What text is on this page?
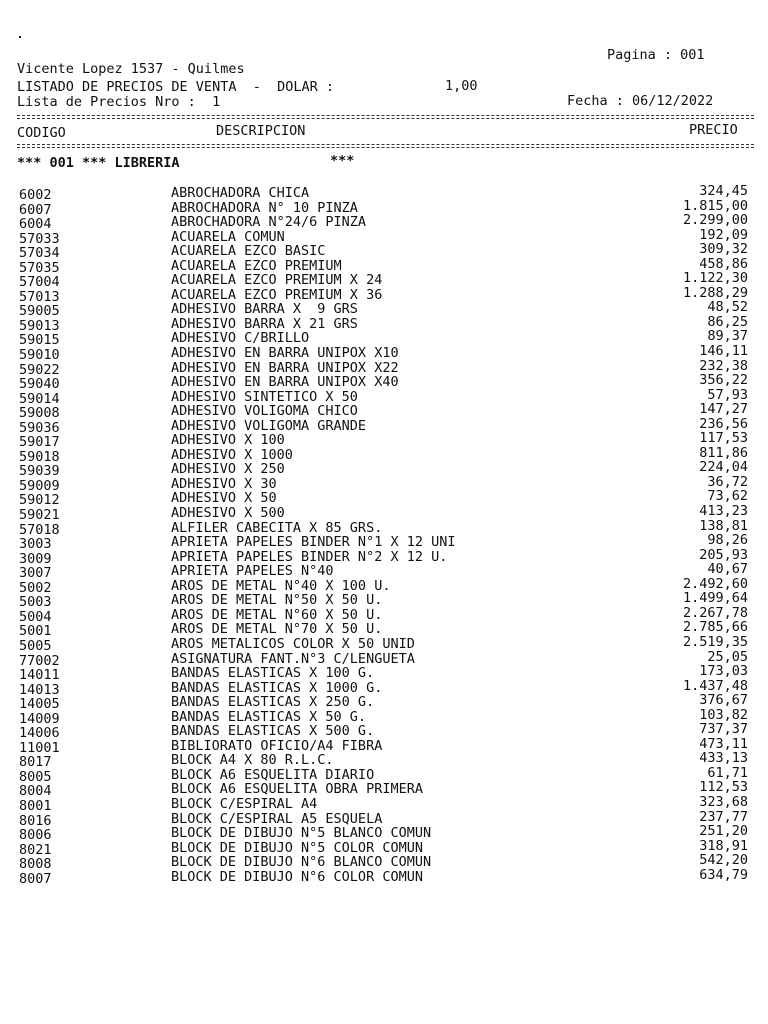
Pagina : 001
Vicente Lopez 1537 - Quilmes
LISTADO DE PRECIOS DE VENTA  -  DOLAR :	1,00
Lista de Precios Nro :  1	Fecha : 06/12/2022
CODIGO	DESCRIPCION	PRECIO
*** 001 *** LIBRERIA	***
6002	ABROCHADORA CHICA	324,45
6007	ABROCHADORA N° 10 PINZA	1.815,00
6004	ABROCHADORA N°24/6 PINZA	2.299,00
57033	ACUARELA COMUN	192,09
57034	ACUARELA EZCO BASIC	309,32
57035	ACUARELA EZCO PREMIUM	458,86
57004	ACUARELA EZCO PREMIUM X 24	1.122,30
57013	ACUARELA EZCO PREMIUM X 36	1.288,29
59005	ADHESIVO BARRA X  9 GRS	48,52
59013	ADHESIVO BARRA X 21 GRS	86,25
59015	ADHESIVO C/BRILLO	89,37
59010	ADHESIVO EN BARRA UNIPOX X10	146,11
59022	ADHESIVO EN BARRA UNIPOX X22	232,38
59040	ADHESIVO EN BARRA UNIPOX X40	356,22
59014	ADHESIVO SINTETICO X 50	57,93
59008	ADHESIVO VOLIGOMA CHICO	147,27
59036	ADHESIVO VOLIGOMA GRANDE	236,56
59017	ADHESIVO X 100	117,53
59018	ADHESIVO X 1000	811,86
59039	ADHESIVO X 250	224,04
59009	ADHESIVO X 30	36,72
59012	ADHESIVO X 50	73,62
59021	ADHESIVO X 500	413,23
57018	ALFILER CABECITA X 85 GRS.	138,81
3003	APRIETA PAPELES BINDER N°1 X 12 UNI	98,26
3009	APRIETA PAPELES BINDER N°2 X 12 U.	205,93
3007	APRIETA PAPELES N°40	40,67
5002	AROS DE METAL N°40 X 100 U.	2.492,60
5003	AROS DE METAL N°50 X 50 U.	1.499,64
5004	AROS DE METAL N°60 X 50 U.	2.267,78
5001	AROS DE METAL N°70 X 50 U.	2.785,66
5005	AROS METALICOS COLOR X 50 UNID	2.519,35
77002	ASIGNATURA FANT.N°3 C/LENGUETA	25,05
14011	BANDAS ELASTICAS X 100 G.	173,03
14013	BANDAS ELASTICAS X 1000 G.	1.437,48
14005	BANDAS ELASTICAS X 250 G.	376,67
14009	BANDAS ELASTICAS X 50 G.	103,82
14006	BANDAS ELASTICAS X 500 G.	737,37
11001	BIBLIORATO OFICIO/A4 FIBRA	473,11
8017	BLOCK A4 X 80 R.L.C.	433,13
8005	BLOCK A6 ESQUELITA DIARIO	61,71
8004	BLOCK A6 ESQUELITA OBRA PRIMERA	112,53
8001	BLOCK C/ESPIRAL A4	323,68
8016	BLOCK C/ESPIRAL A5 ESQUELA	237,77
8006	BLOCK DE DIBUJO N°5 BLANCO COMUN	251,20
8021	BLOCK DE DIBUJO N°5 COLOR COMUN	318,91
8008	BLOCK DE DIBUJO N°6 BLANCO COMUN	542,20
8007	BLOCK DE DIBUJO N°6 COLOR COMUN	634,79
